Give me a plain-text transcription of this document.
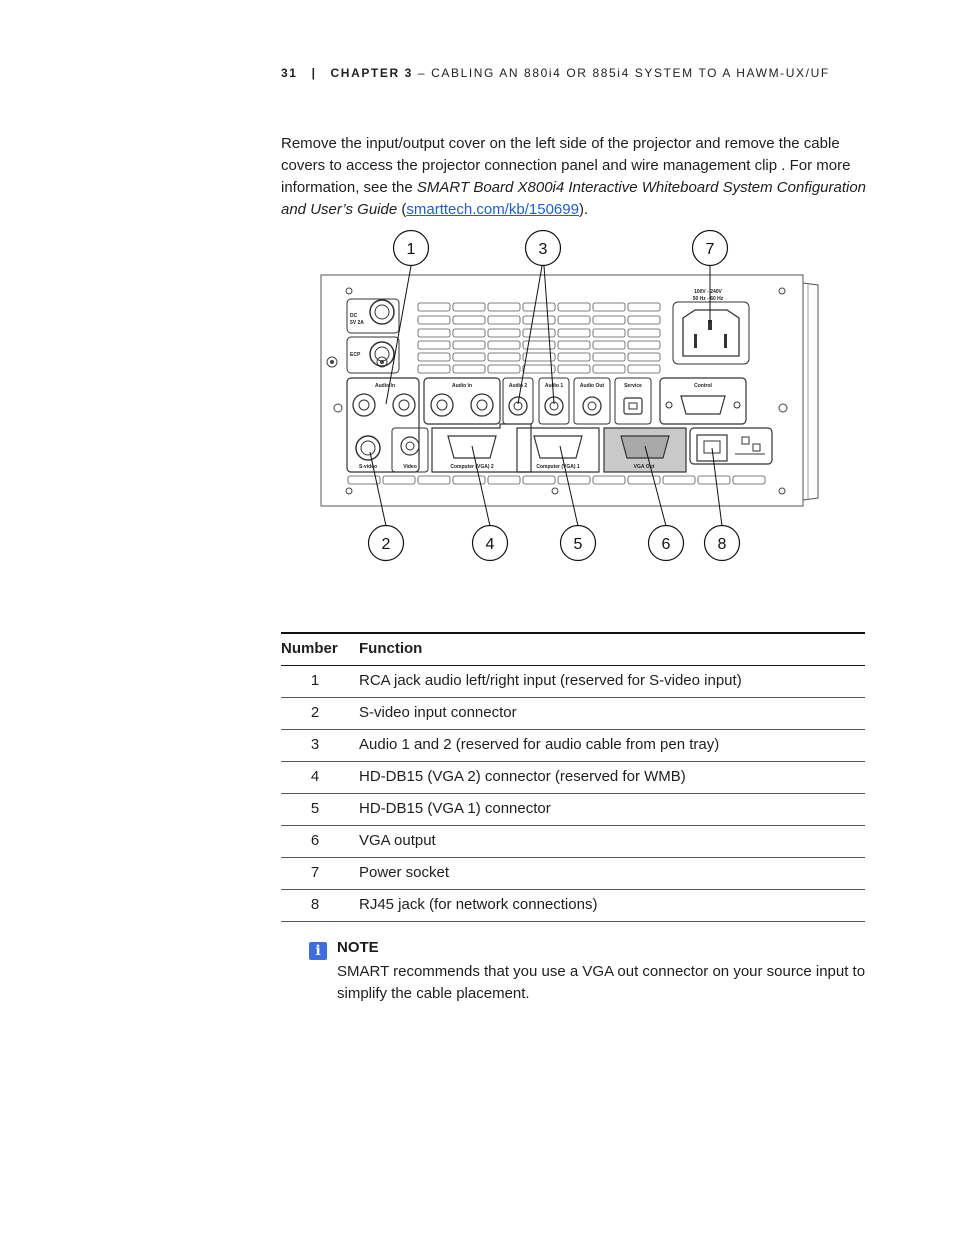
31 | CHAPTER 3 – CABLING AN 880i4 OR 885i4 SYSTEM TO A HAWM-UX/UF
Remove the input/output cover on the left side of the projector and remove the cable covers to access the projector connection panel and wire management clip . For more information, see the SMART Board X800i4 Interactive Whiteboard System Configuration and User’s Guide (smarttech.com/kb/150699).
DC
5V 2A
ECP
100V - 240V
50 Hz - 60 Hz
Audio In
S-video	Video
Audio In
Computer (VGA) 2
Audio 2	Audio 1
Computer (VGA) 1
Audio Out	Service
VGA Out
Control
1	3	7
2	4	5	6	8
Number	Function
1	RCA jack audio left/right input (reserved for S-video input)
2	S-video input connector
3	Audio 1 and 2 (reserved for audio cable from pen tray)
4	HD-DB15 (VGA 2) connector (reserved for WMB)
5	HD-DB15 (VGA 1) connector
6	VGA output
7	Power socket
8	RJ45 jack (for network connections)
i	NOTE
SMART recommends that you use a VGA out connector on your source input to simplify the cable placement.
